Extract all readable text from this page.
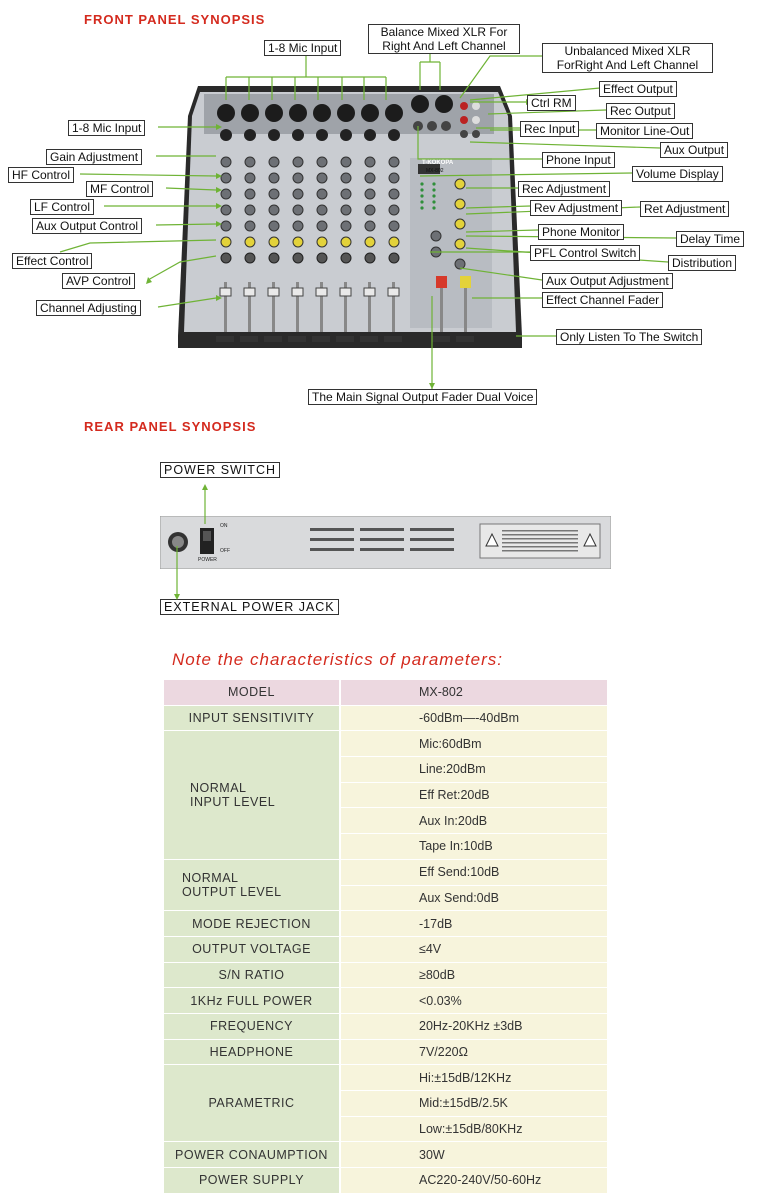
FRONT PANEL SYNOPSIS
REAR PANEL SYNOPSIS
T-KOKOPA
MX-802
1-8 Mic Input
Balance Mixed XLR For
Right And Left Channel	Unbalanced Mixed XLR
ForRight And Left Channel
Effect Output
Ctrl RM
Rec Output
Rec Input	Monitor Line-Out
Aux Output
Phone Input
Volume Display
Rec Adjustment
Rev Adjustment	Ret Adjustment
Phone Monitor	Delay Time
PFL Control Switch
Distribution
Aux Output Adjustment
Effect Channel Fader
Only Listen To The Switch
The Main Signal Output Fader Dual Voice
1-8 Mic Input
Gain Adjustment
HF Control
MF Control
LF Control
Aux Output Control
Effect Control
AVP Control
Channel Adjusting
POWER SWITCH
EXTERNAL POWER JACK
ON
OFF
POWER
Note the characteristics of parameters:
MODEL	MX-802
INPUT SENSITIVITY	-60dBm—-40dBm
NORMAL
INPUT LEVEL	Mic:60dBm
	Line:20dBm
	Eff Ret:20dB
	Aux In:20dB
	Tape In:10dB
NORMAL
OUTPUT LEVEL	Eff Send:10dB
	Aux Send:0dB
MODE REJECTION	-17dB
OUTPUT VOLTAGE	≤4V
S/N RATIO	≥80dB
1KHz FULL POWER	<0.03%
FREQUENCY	20Hz-20KHz ±3dB
HEADPHONE	7V/220Ω
PARAMETRIC	Hi:±15dB/12KHz
	Mid:±15dB/2.5K
	Low:±15dB/80KHz
POWER CONAUMPTION	30W
POWER SUPPLY	AC220-240V/50-60Hz
